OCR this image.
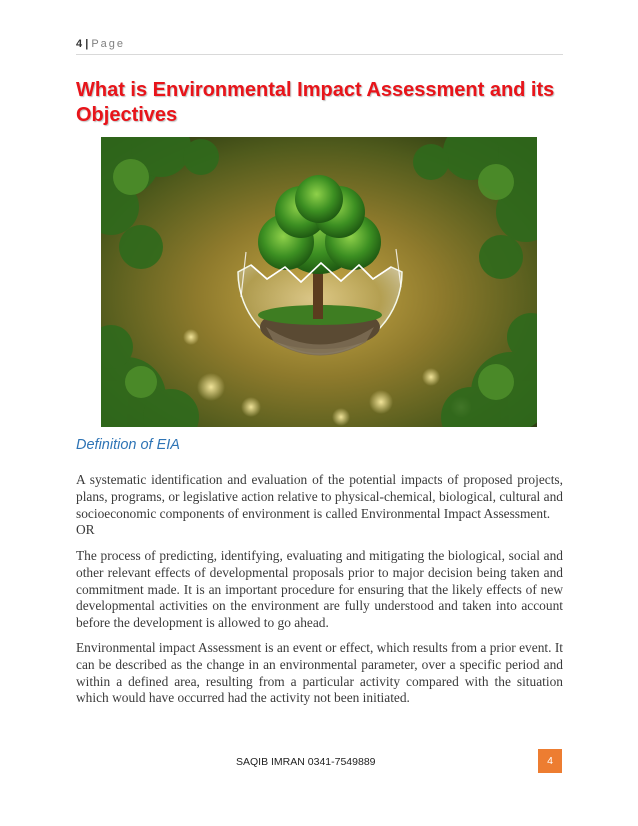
4 | Page
What is Environmental Impact Assessment and its Objectives
Definition of EIA
A systematic identification and evaluation of the potential impacts of proposed projects, plans, programs, or legislative action relative to physical-chemical, biological, cultural and socioeconomic components of environment is called Environmental Impact Assessment.
OR

The process of predicting, identifying, evaluating and mitigating the biological, social and other relevant effects of developmental proposals prior to major decision being taken and commitment made. It is an important procedure for ensuring that the likely effects of new developmental activities on the environment are fully understood and taken into account before the development is allowed to go ahead.

Environmental impact Assessment is an event or effect, which results from a prior event. It can be described as the change in an environmental parameter, over a specific period and within a defined area, resulting from a particular activity compared with the situation which would have occurred had the activity not been initiated.

SAQIB IMRAN 0341-7549889	4
